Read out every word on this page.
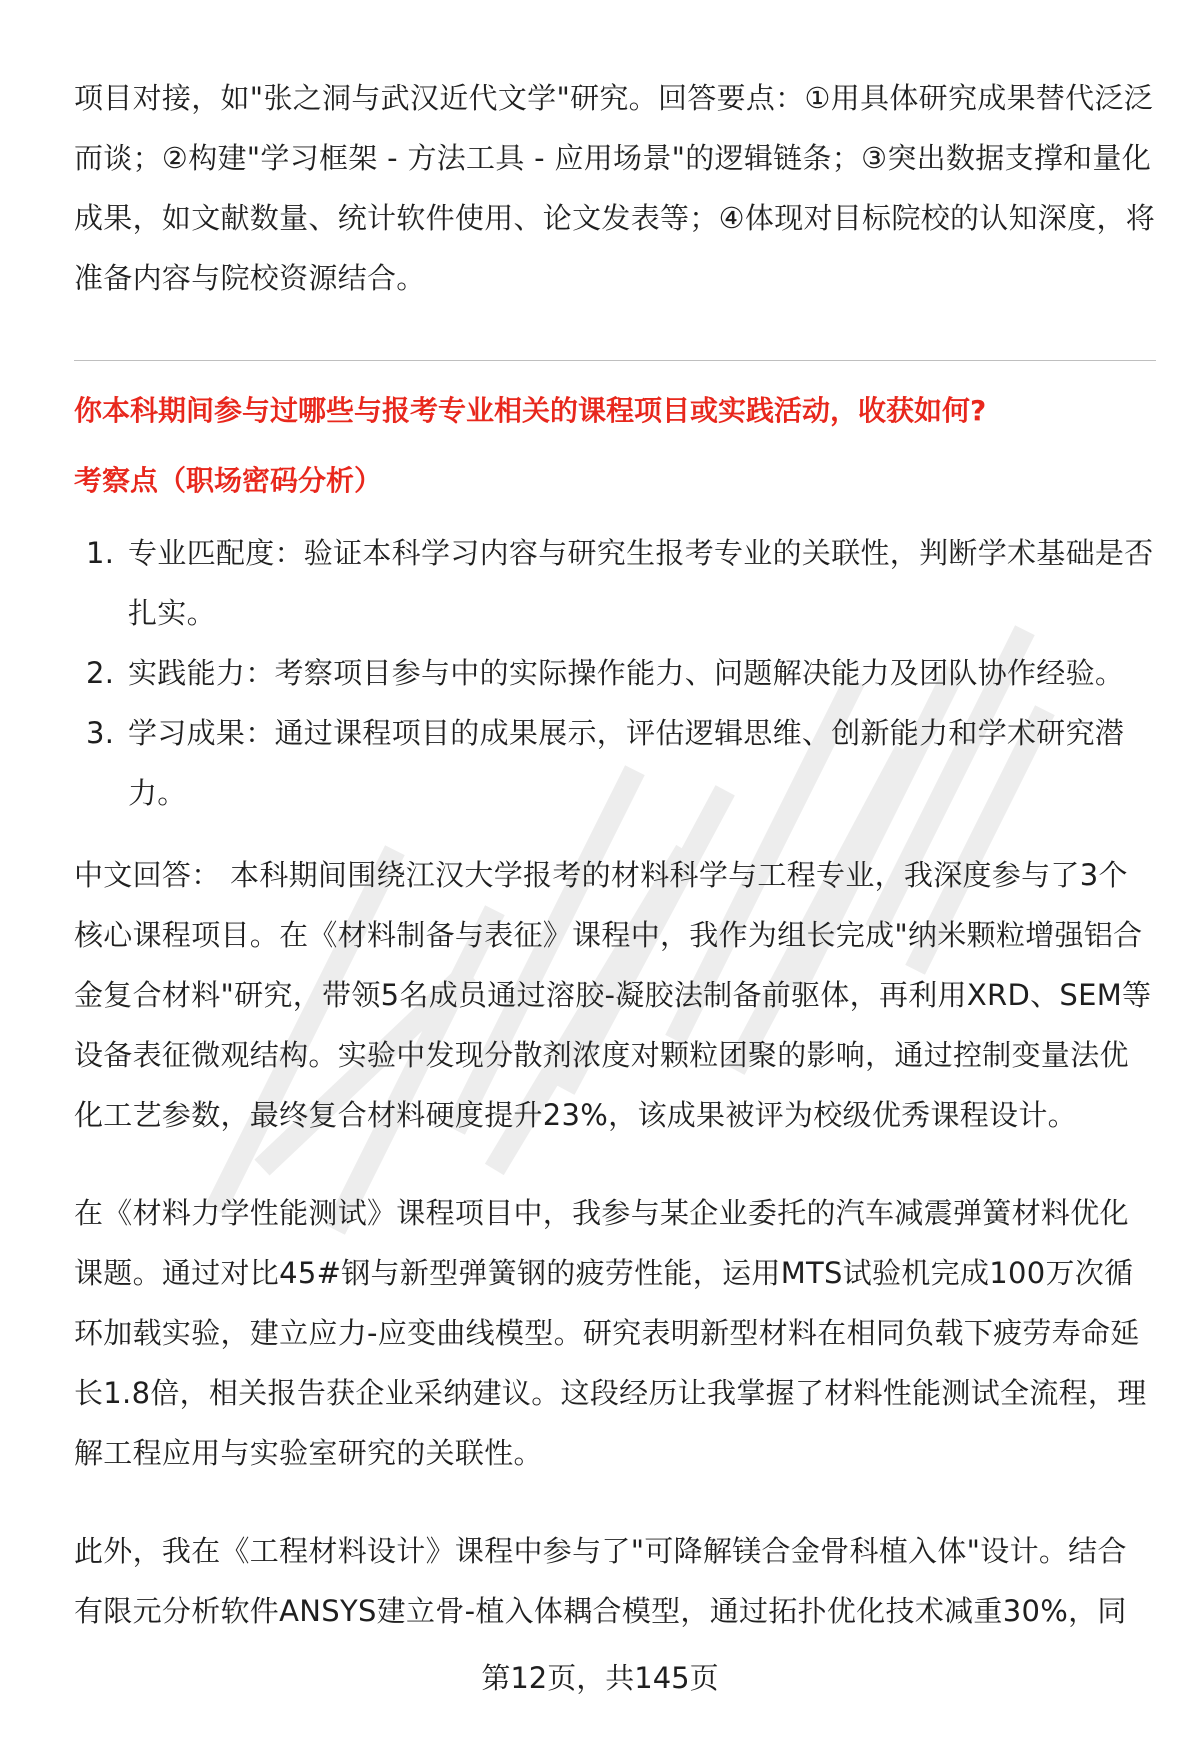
项目对接，如"张之洞与武汉近代文学"研究。回答要点：①用具体研究成果替代泛泛而谈；②构建"学习框架 - 方法工具 - 应用场景"的逻辑链条；③突出数据支撑和量化成果，如文献数量、统计软件使用、论文发表等；④体现对目标院校的认知深度，将准备内容与院校资源结合。

你本科期间参与过哪些与报考专业相关的课程项目或实践活动，收获如何?

考察点（职场密码分析）

1. 专业匹配度：验证本科学习内容与研究生报考专业的关联性，判断学术基础是否扎实。
2. 实践能力：考察项目参与中的实际操作能力、问题解决能力及团队协作经验。
3. 学习成果：通过课程项目的成果展示，评估逻辑思维、创新能力和学术研究潜力。

中文回答： 本科期间围绕江汉大学报考的材料科学与工程专业，我深度参与了3个核心课程项目。在《材料制备与表征》课程中，我作为组长完成"纳米颗粒增强铝合金复合材料"研究，带领5名成员通过溶胶-凝胶法制备前驱体，再利用XRD、SEM等设备表征微观结构。实验中发现分散剂浓度对颗粒团聚的影响，通过控制变量法优化工艺参数，最终复合材料硬度提升23%，该成果被评为校级优秀课程设计。

在《材料力学性能测试》课程项目中，我参与某企业委托的汽车减震弹簧材料优化课题。通过对比45#钢与新型弹簧钢的疲劳性能，运用MTS试验机完成100万次循环加载实验，建立应力-应变曲线模型。研究表明新型材料在相同负载下疲劳寿命延长1.8倍，相关报告获企业采纳建议。这段经历让我掌握了材料性能测试全流程，理解工程应用与实验室研究的关联性。

此外，我在《工程材料设计》课程中参与了"可降解镁合金骨科植入体"设计。结合有限元分析软件ANSYS建立骨-植入体耦合模型，通过拓扑优化技术减重30%，同

第12页，共145页
